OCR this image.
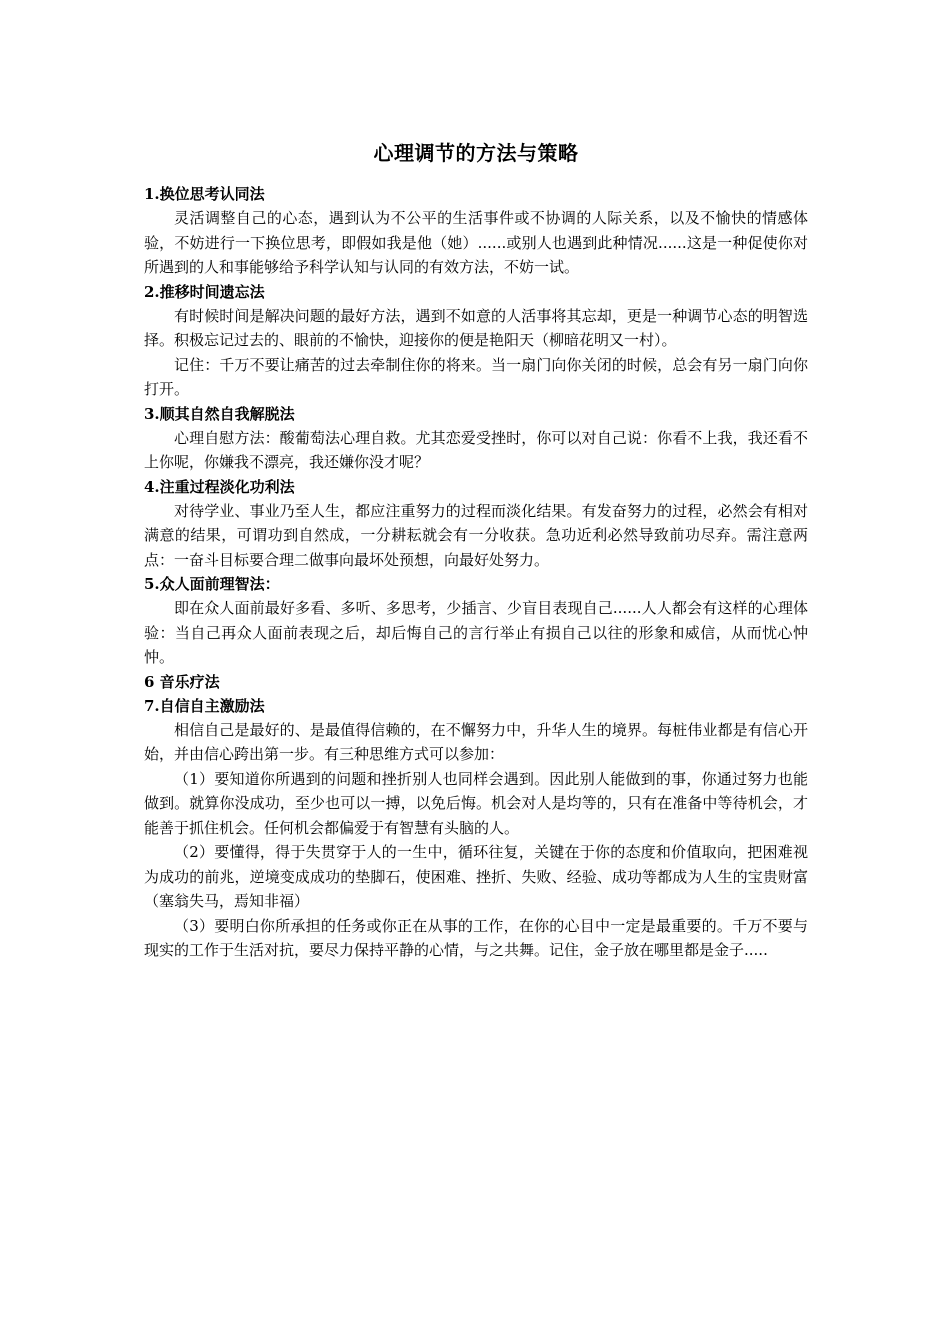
心理调节的方法与策略

1.换位思考认同法

灵活调整自己的心态，遇到认为不公平的生活事件或不协调的人际关系，以及不愉快的情感体验，不妨进行一下换位思考，即假如我是他（她）......或别人也遇到此种情况......这是一种促使你对所遇到的人和事能够给予科学认知与认同的有效方法，不妨一试。

2.推移时间遗忘法

有时候时间是解决问题的最好方法，遇到不如意的人活事将其忘却，更是一种调节心态的明智选择。积极忘记过去的、眼前的不愉快，迎接你的便是艳阳天（柳暗花明又一村）。

记住：千万不要让痛苦的过去牵制住你的将来。当一扇门向你关闭的时候，总会有另一扇门向你打开。

3.顺其自然自我解脱法

心理自慰方法：酸葡萄法心理自救。尤其恋爱受挫时，你可以对自己说：你看不上我，我还看不上你呢，你嫌我不漂亮，我还嫌你没才呢？

4.注重过程淡化功利法

对待学业、事业乃至人生，都应注重努力的过程而淡化结果。有发奋努力的过程，必然会有相对满意的结果，可谓功到自然成，一分耕耘就会有一分收获。急功近利必然导致前功尽弃。需注意两点：一奋斗目标要合理二做事向最坏处预想，向最好处努力。

5.众人面前理智法：

即在众人面前最好多看、多听、多思考，少插言、少盲目表现自己......人人都会有这样的心理体验：当自己再众人面前表现之后，却后悔自己的言行举止有损自己以往的形象和威信，从而忧心忡忡。

6 音乐疗法

7.自信自主激励法

相信自己是最好的、是最值得信赖的，在不懈努力中，升华人生的境界。每桩伟业都是有信心开始，并由信心跨出第一步。有三种思维方式可以参加：

（1）要知道你所遇到的问题和挫折别人也同样会遇到。因此别人能做到的事，你通过努力也能做到。就算你没成功，至少也可以一搏，以免后悔。机会对人是均等的，只有在准备中等待机会，才能善于抓住机会。任何机会都偏爱于有智慧有头脑的人。

（2）要懂得，得于失贯穿于人的一生中，循环往复，关键在于你的态度和价值取向，把困难视为成功的前兆，逆境变成成功的垫脚石，使困难、挫折、失败、经验、成功等都成为人生的宝贵财富（塞翁失马，焉知非福）

（3）要明白你所承担的任务或你正在从事的工作，在你的心目中一定是最重要的。千万不要与现实的工作于生活对抗，要尽力保持平静的心情，与之共舞。记住，金子放在哪里都是金子.....
